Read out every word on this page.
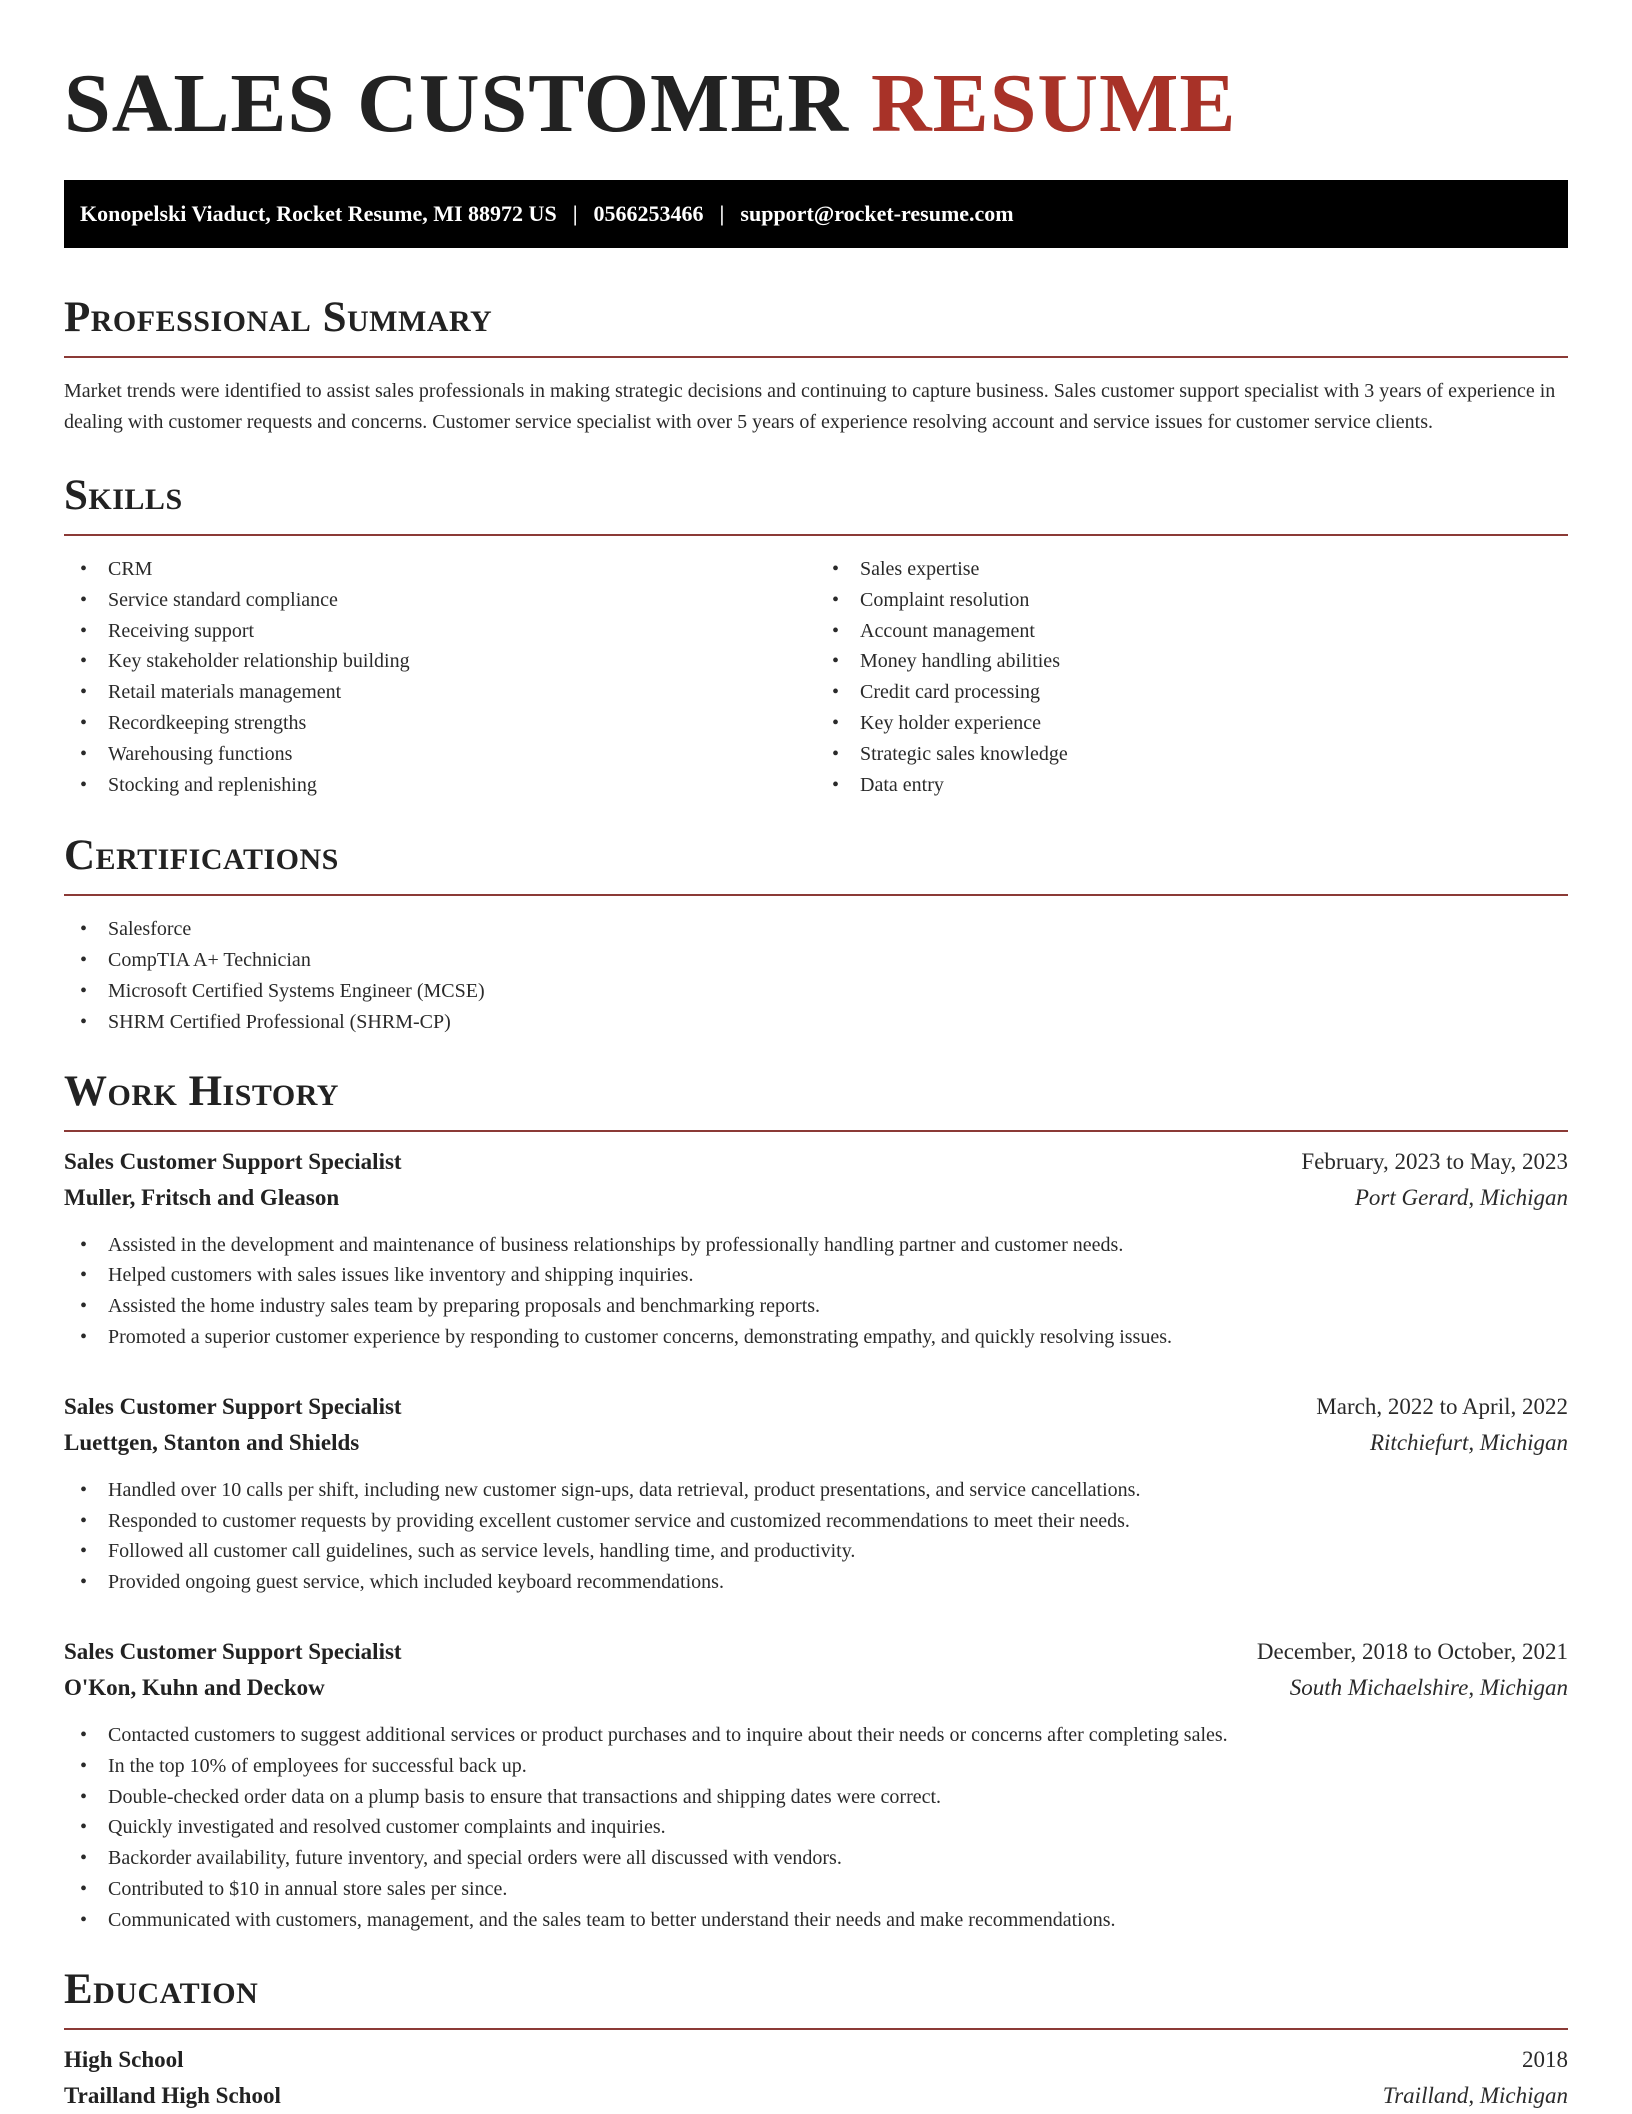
SALES CUSTOMER RESUME
Konopelski Viaduct, Rocket Resume, MI 88972 US | 0566253466 | support@rocket-resume.com
Professional Summary

Market trends were identified to assist sales professionals in making strategic decisions and continuing to capture business. Sales customer support specialist with 3 years of experience in dealing with customer requests and concerns. Customer service specialist with over 5 years of experience resolving account and service issues for customer service clients.

Skills
• CRM
• Service standard compliance
• Receiving support
• Key stakeholder relationship building
• Retail materials management
• Recordkeeping strengths
• Warehousing functions
• Stocking and replenishing
• Sales expertise
• Complaint resolution
• Account management
• Money handling abilities
• Credit card processing
• Key holder experience
• Strategic sales knowledge
• Data entry
Certifications
• Salesforce
• CompTIA A+ Technician
• Microsoft Certified Systems Engineer (MCSE)
• SHRM Certified Professional (SHRM-CP)
Work History
Sales Customer Support Specialist	February, 2023 to May, 2023
Muller, Fritsch and Gleason	Port Gerard, Michigan
• Assisted in the development and maintenance of business relationships by professionally handling partner and customer needs.
• Helped customers with sales issues like inventory and shipping inquiries.
• Assisted the home industry sales team by preparing proposals and benchmarking reports.
• Promoted a superior customer experience by responding to customer concerns, demonstrating empathy, and quickly resolving issues.
Sales Customer Support Specialist	March, 2022 to April, 2022
Luettgen, Stanton and Shields	Ritchiefurt, Michigan
• Handled over 10 calls per shift, including new customer sign-ups, data retrieval, product presentations, and service cancellations.
• Responded to customer requests by providing excellent customer service and customized recommendations to meet their needs.
• Followed all customer call guidelines, such as service levels, handling time, and productivity.
• Provided ongoing guest service, which included keyboard recommendations.
Sales Customer Support Specialist	December, 2018 to October, 2021
O'Kon, Kuhn and Deckow	South Michaelshire, Michigan
• Contacted customers to suggest additional services or product purchases and to inquire about their needs or concerns after completing sales.
• In the top 10% of employees for successful back up.
• Double-checked order data on a plump basis to ensure that transactions and shipping dates were correct.
• Quickly investigated and resolved customer complaints and inquiries.
• Backorder availability, future inventory, and special orders were all discussed with vendors.
• Contributed to $10 in annual store sales per since.
• Communicated with customers, management, and the sales team to better understand their needs and make recommendations.
Education
High School	2018
Trailland High School	Trailland, Michigan
